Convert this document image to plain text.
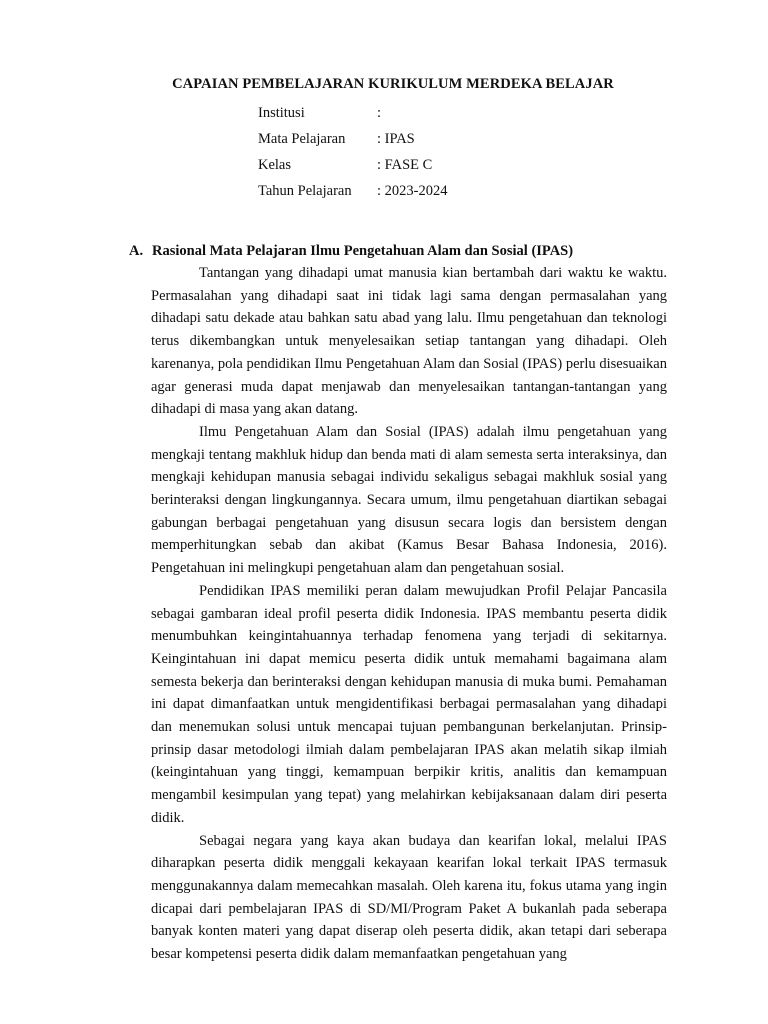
CAPAIAN PEMBELAJARAN KURIKULUM MERDEKA BELAJAR
Institusi	:
Mata Pelajaran : IPAS
Kelas	: FASE C
Tahun Pelajaran : 2023-2024
A. Rasional Mata Pelajaran Ilmu Pengetahuan Alam dan Sosial (IPAS)

Tantangan yang dihadapi umat manusia kian bertambah dari waktu ke waktu. Permasalahan yang dihadapi saat ini tidak lagi sama dengan permasalahan yang dihadapi satu dekade atau bahkan satu abad yang lalu. Ilmu pengetahuan dan teknologi terus dikembangkan untuk menyelesaikan setiap tantangan yang dihadapi. Oleh karenanya, pola pendidikan Ilmu Pengetahuan Alam dan Sosial (IPAS) perlu disesuaikan agar generasi muda dapat menjawab dan menyelesaikan tantangan-tantangan yang dihadapi di masa yang akan datang.

Ilmu Pengetahuan Alam dan Sosial (IPAS) adalah ilmu pengetahuan yang mengkaji tentang makhluk hidup dan benda mati di alam semesta serta interaksinya, dan mengkaji kehidupan manusia sebagai individu sekaligus sebagai makhluk sosial yang berinteraksi dengan lingkungannya. Secara umum, ilmu pengetahuan diartikan sebagai gabungan berbagai pengetahuan yang disusun secara logis dan bersistem dengan memperhitungkan sebab dan akibat (Kamus Besar Bahasa Indonesia, 2016). Pengetahuan ini melingkupi pengetahuan alam dan pengetahuan sosial.

Pendidikan IPAS memiliki peran dalam mewujudkan Profil Pelajar Pancasila sebagai gambaran ideal profil peserta didik Indonesia. IPAS membantu peserta didik menumbuhkan keingintahuannya terhadap fenomena yang terjadi di sekitarnya. Keingintahuan ini dapat memicu peserta didik untuk memahami bagaimana alam semesta bekerja dan berinteraksi dengan kehidupan manusia di muka bumi. Pemahaman ini dapat dimanfaatkan untuk mengidentifikasi berbagai permasalahan yang dihadapi dan menemukan solusi untuk mencapai tujuan pembangunan berkelanjutan. Prinsip-prinsip dasar metodologi ilmiah dalam pembelajaran IPAS akan melatih sikap ilmiah (keingintahuan yang tinggi, kemampuan berpikir kritis, analitis dan kemampuan mengambil kesimpulan yang tepat) yang melahirkan kebijaksanaan dalam diri peserta didik.

Sebagai negara yang kaya akan budaya dan kearifan lokal, melalui IPAS diharapkan peserta didik menggali kekayaan kearifan lokal terkait IPAS termasuk menggunakannya dalam memecahkan masalah. Oleh karena itu, fokus utama yang ingin dicapai dari pembelajaran IPAS di SD/MI/Program Paket A bukanlah pada seberapa banyak konten materi yang dapat diserap oleh peserta didik, akan tetapi dari seberapa besar kompetensi peserta didik dalam memanfaatkan pengetahuan yang
